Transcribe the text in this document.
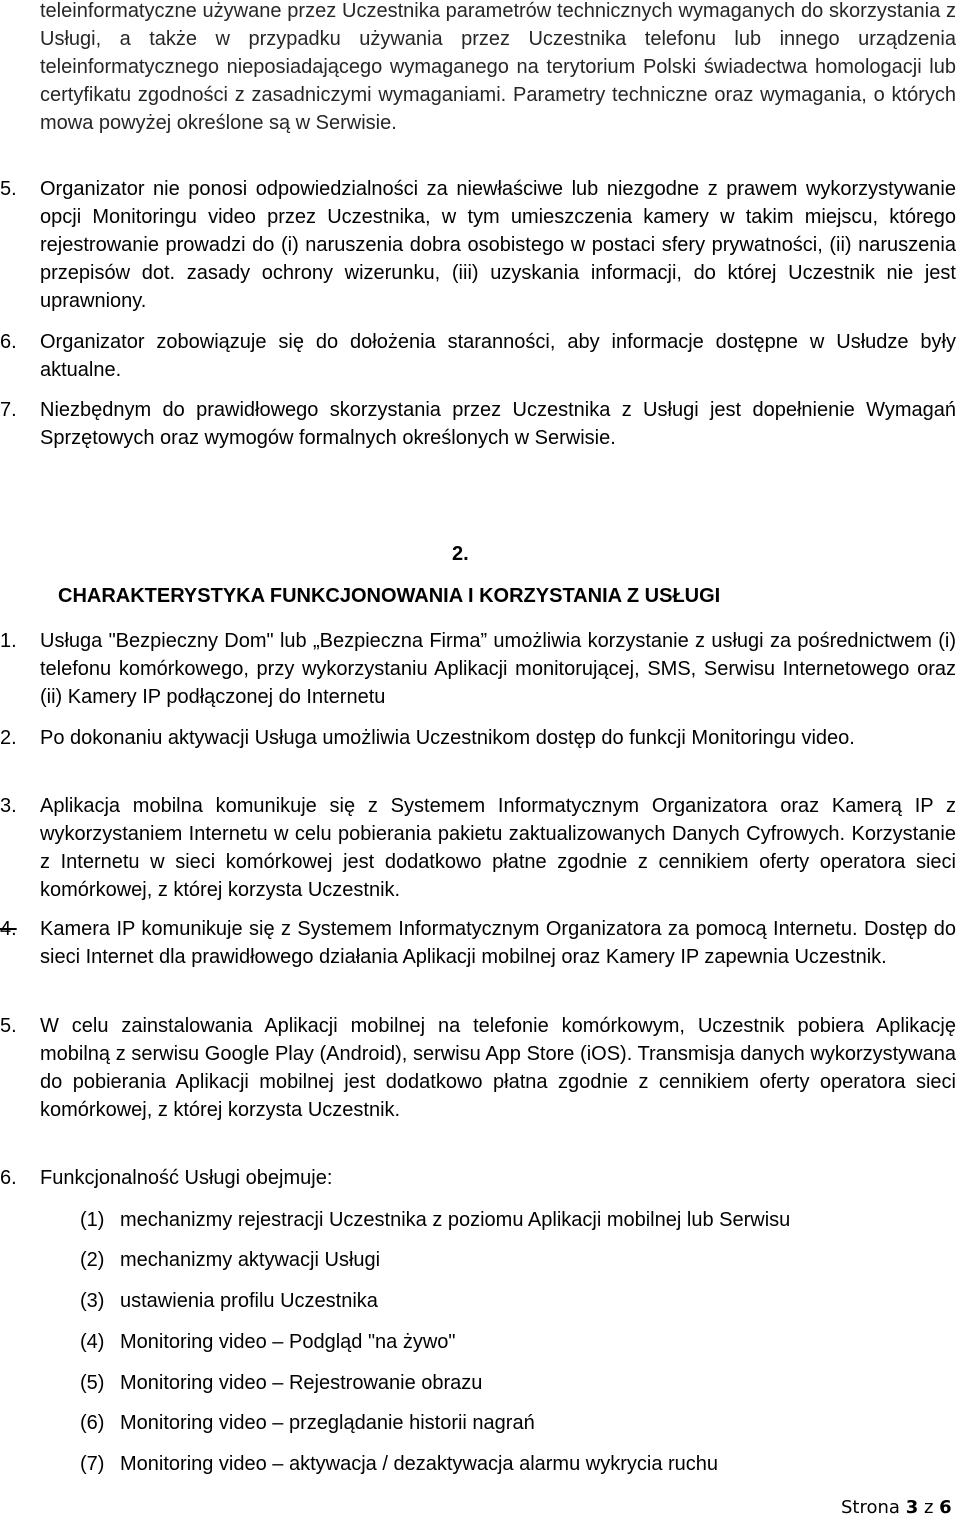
teleinformatyczne używane przez Uczestnika parametrów technicznych wymaganych do skorzystania z Usługi, a także w przypadku używania przez Uczestnika telefonu lub innego urządzenia teleinformatycznego nieposiadającego wymaganego na terytorium Polski świadectwa homologacji lub certyfikatu zgodności z zasadniczymi wymaganiami. Parametry techniczne oraz wymagania, o których mowa powyżej określone są w Serwisie.

5. Organizator nie ponosi odpowiedzialności za niewłaściwe lub niezgodne z prawem wykorzystywanie opcji Monitoringu video przez Uczestnika, w tym umieszczenia kamery w takim miejscu, którego rejestrowanie prowadzi do (i) naruszenia dobra osobistego w postaci sfery prywatności, (ii) naruszenia przepisów dot. zasady ochrony wizerunku, (iii) uzyskania informacji, do której Uczestnik nie jest uprawniony.

6. Organizator zobowiązuje się do dołożenia staranności, aby informacje dostępne w Usłudze były aktualne.

7. Niezbędnym do prawidłowego skorzystania przez Uczestnika z Usługi jest dopełnienie Wymagań Sprzętowych oraz wymogów formalnych określonych w Serwisie.

2.
CHARAKTERYSTYKA FUNKCJONOWANIA I KORZYSTANIA Z USŁUGI
1. Usługa "Bezpieczny Dom" lub „Bezpieczna Firma” umożliwia korzystanie z usługi za pośrednictwem (i) telefonu komórkowego, przy wykorzystaniu Aplikacji monitorującej, SMS, Serwisu Internetowego oraz (ii) Kamery IP podłączonej do Internetu

2. Po dokonaniu aktywacji Usługa umożliwia Uczestnikom dostęp do funkcji Monitoringu video.

3. Aplikacja mobilna komunikuje się z Systemem Informatycznym Organizatora oraz Kamerą IP z wykorzystaniem Internetu w celu pobierania pakietu zaktualizowanych Danych Cyfrowych. Korzystanie z Internetu w sieci komórkowej jest dodatkowo płatne zgodnie z cennikiem oferty operatora sieci komórkowej, z której korzysta Uczestnik.

4. Kamera IP komunikuje się z Systemem Informatycznym Organizatora za pomocą Internetu. Dostęp do sieci Internet dla prawidłowego działania Aplikacji mobilnej oraz Kamery IP zapewnia Uczestnik.

5. W celu zainstalowania Aplikacji mobilnej na telefonie komórkowym, Uczestnik pobiera Aplikację mobilną z serwisu Google Play (Android), serwisu App Store (iOS). Transmisja danych wykorzystywana do pobierania Aplikacji mobilnej jest dodatkowo płatna zgodnie z cennikiem oferty operatora sieci komórkowej, z której korzysta Uczestnik.

6. Funkcjonalność Usługi obejmuje:

(1) mechanizmy rejestracji Uczestnika z poziomu Aplikacji mobilnej lub Serwisu
(2) mechanizmy aktywacji Usługi
(3) ustawienia profilu Uczestnika
(4) Monitoring video – Podgląd "na żywo"
(5) Monitoring video – Rejestrowanie obrazu
(6) Monitoring video – przeglądanie historii nagrań
(7) Monitoring video – aktywacja / dezaktywacja alarmu wykrycia ruchu
Strona 3 z 6
